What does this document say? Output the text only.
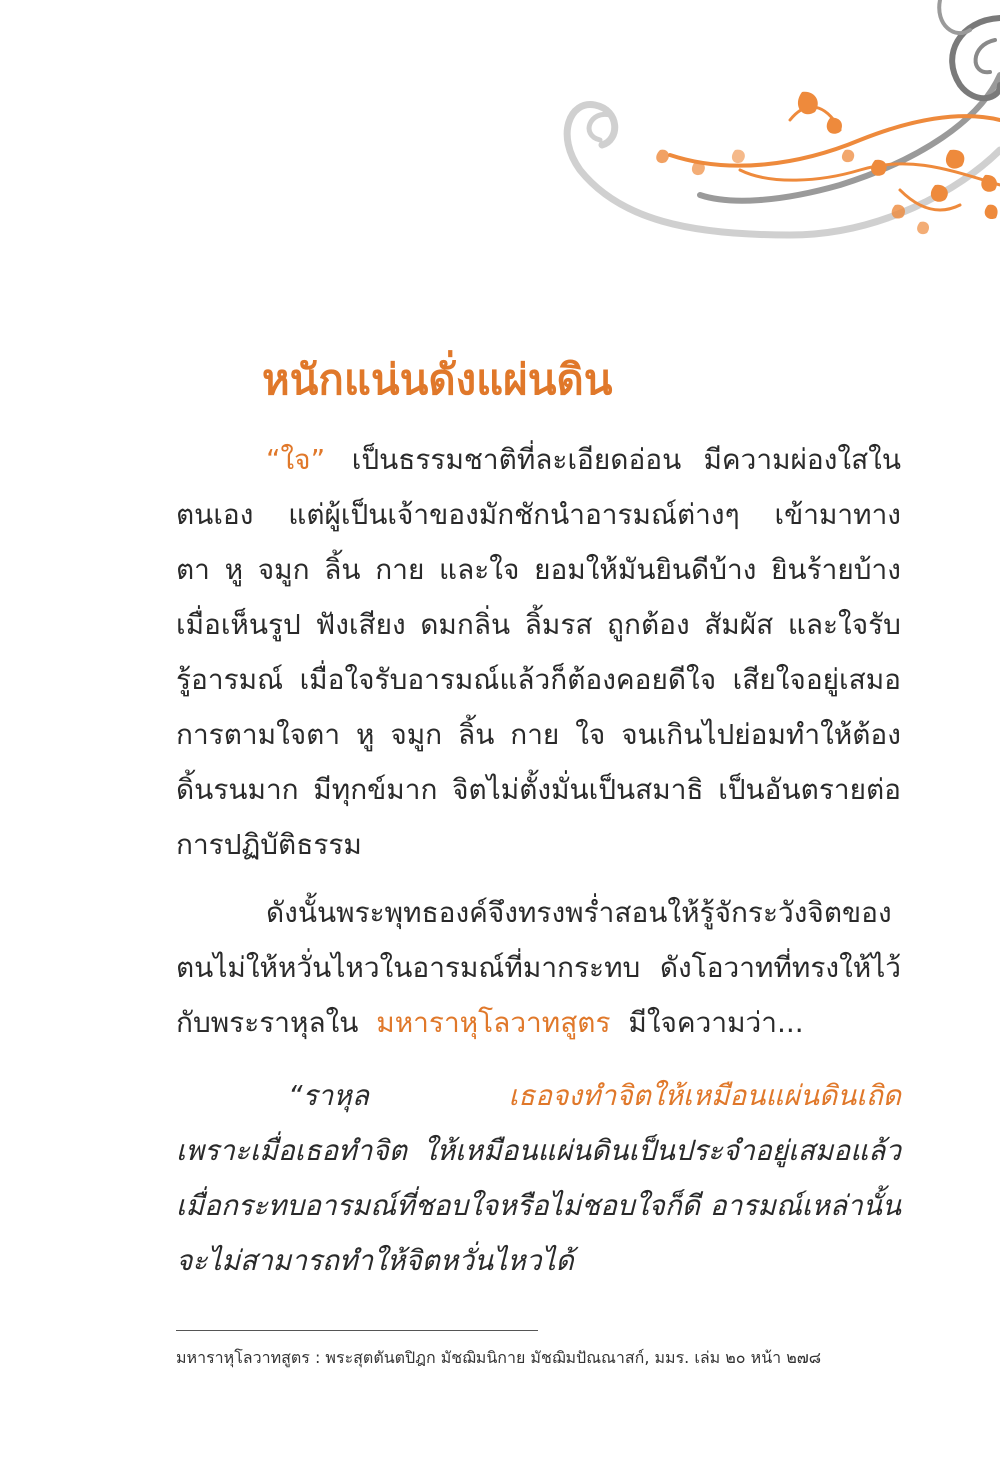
หนักแน่นดั่งแผ่นดิน
“ใจ” เป็นธรรมชาติที่ละเอียดอ่อน มีความผ่องใสใน
ตนเอง แต่ผู้เป็นเจ้าของมักชักนำอารมณ์ต่างๆ เข้ามาทาง
ตา หู จมูก ลิ้น กาย และใจ ยอมให้มันยินดีบ้าง ยินร้ายบ้าง
เมื่อเห็นรูป ฟังเสียง ดมกลิ่น ลิ้มรส ถูกต้อง สัมผัส และใจรับ
รู้อารมณ์ เมื่อใจรับอารมณ์แล้วก็ต้องคอยดีใจ เสียใจอยู่เสมอ
การตามใจตา หู จมูก ลิ้น กาย ใจ จนเกินไปย่อมทำให้ต้อง
ดิ้นรนมาก มีทุกข์มาก จิตไม่ตั้งมั่นเป็นสมาธิ เป็นอันตรายต่อ
การปฏิบัติธรรม
ดังนั้นพระพุทธองค์จึงทรงพร่ำสอนให้รู้จักระวังจิตของ
ตนไม่ให้หวั่นไหวในอารมณ์ที่มากระทบ ดังโอวาทที่ทรงให้ไว้
กับพระราหุลใน มหาราหุโลวาทสูตร มีใจความว่า...
“ราหุล	เธอจงทำจิตให้เหมือนแผ่นดินเถิด
เพราะเมื่อเธอทำจิต ให้เหมือนแผ่นดินเป็นประจำอยู่เสมอแล้ว
เมื่อกระทบอารมณ์ที่ชอบใจหรือไม่ชอบใจก็ดี อารมณ์เหล่านั้น
จะไม่สามารถทำให้จิตหวั่นไหวได้

มหาราหุโลวาทสูตร : พระสุตตันตปิฎก มัชฌิมนิกาย มัชฌิมปัณณาสก์, มมร. เล่ม ๒๐ หน้า ๒๗๘
